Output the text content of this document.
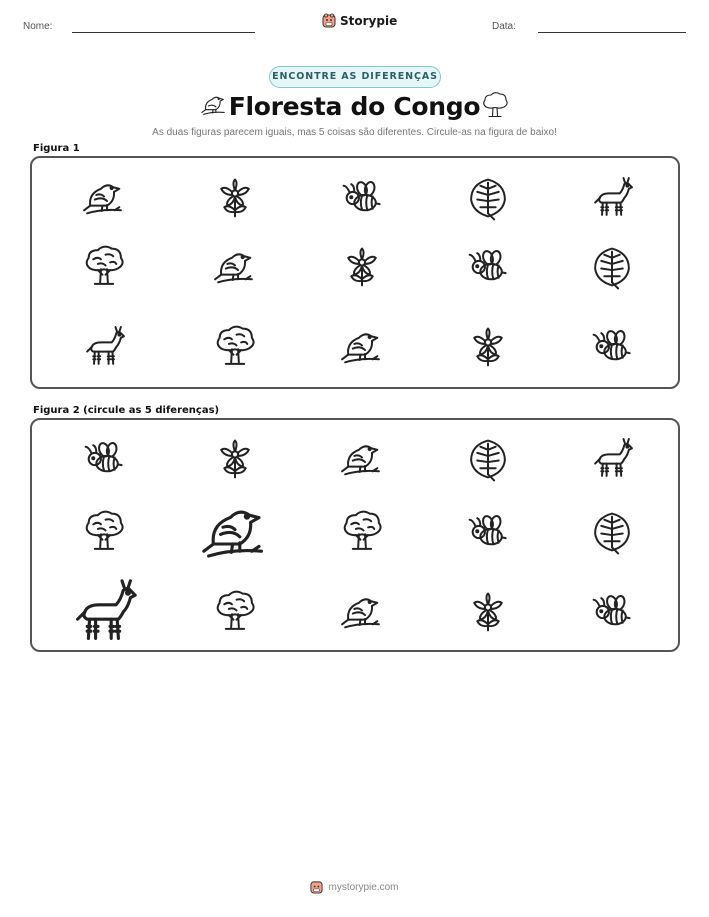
Nome:	Storypie	Data:
ENCONTRE AS DIFERENÇAS
Floresta do Congo
As duas figuras parecem iguais, mas 5 coisas são diferentes. Circule-as na figura de baixo!
Figura 1
Figura 2 (circule as 5 diferenças)
mystorypie.com
